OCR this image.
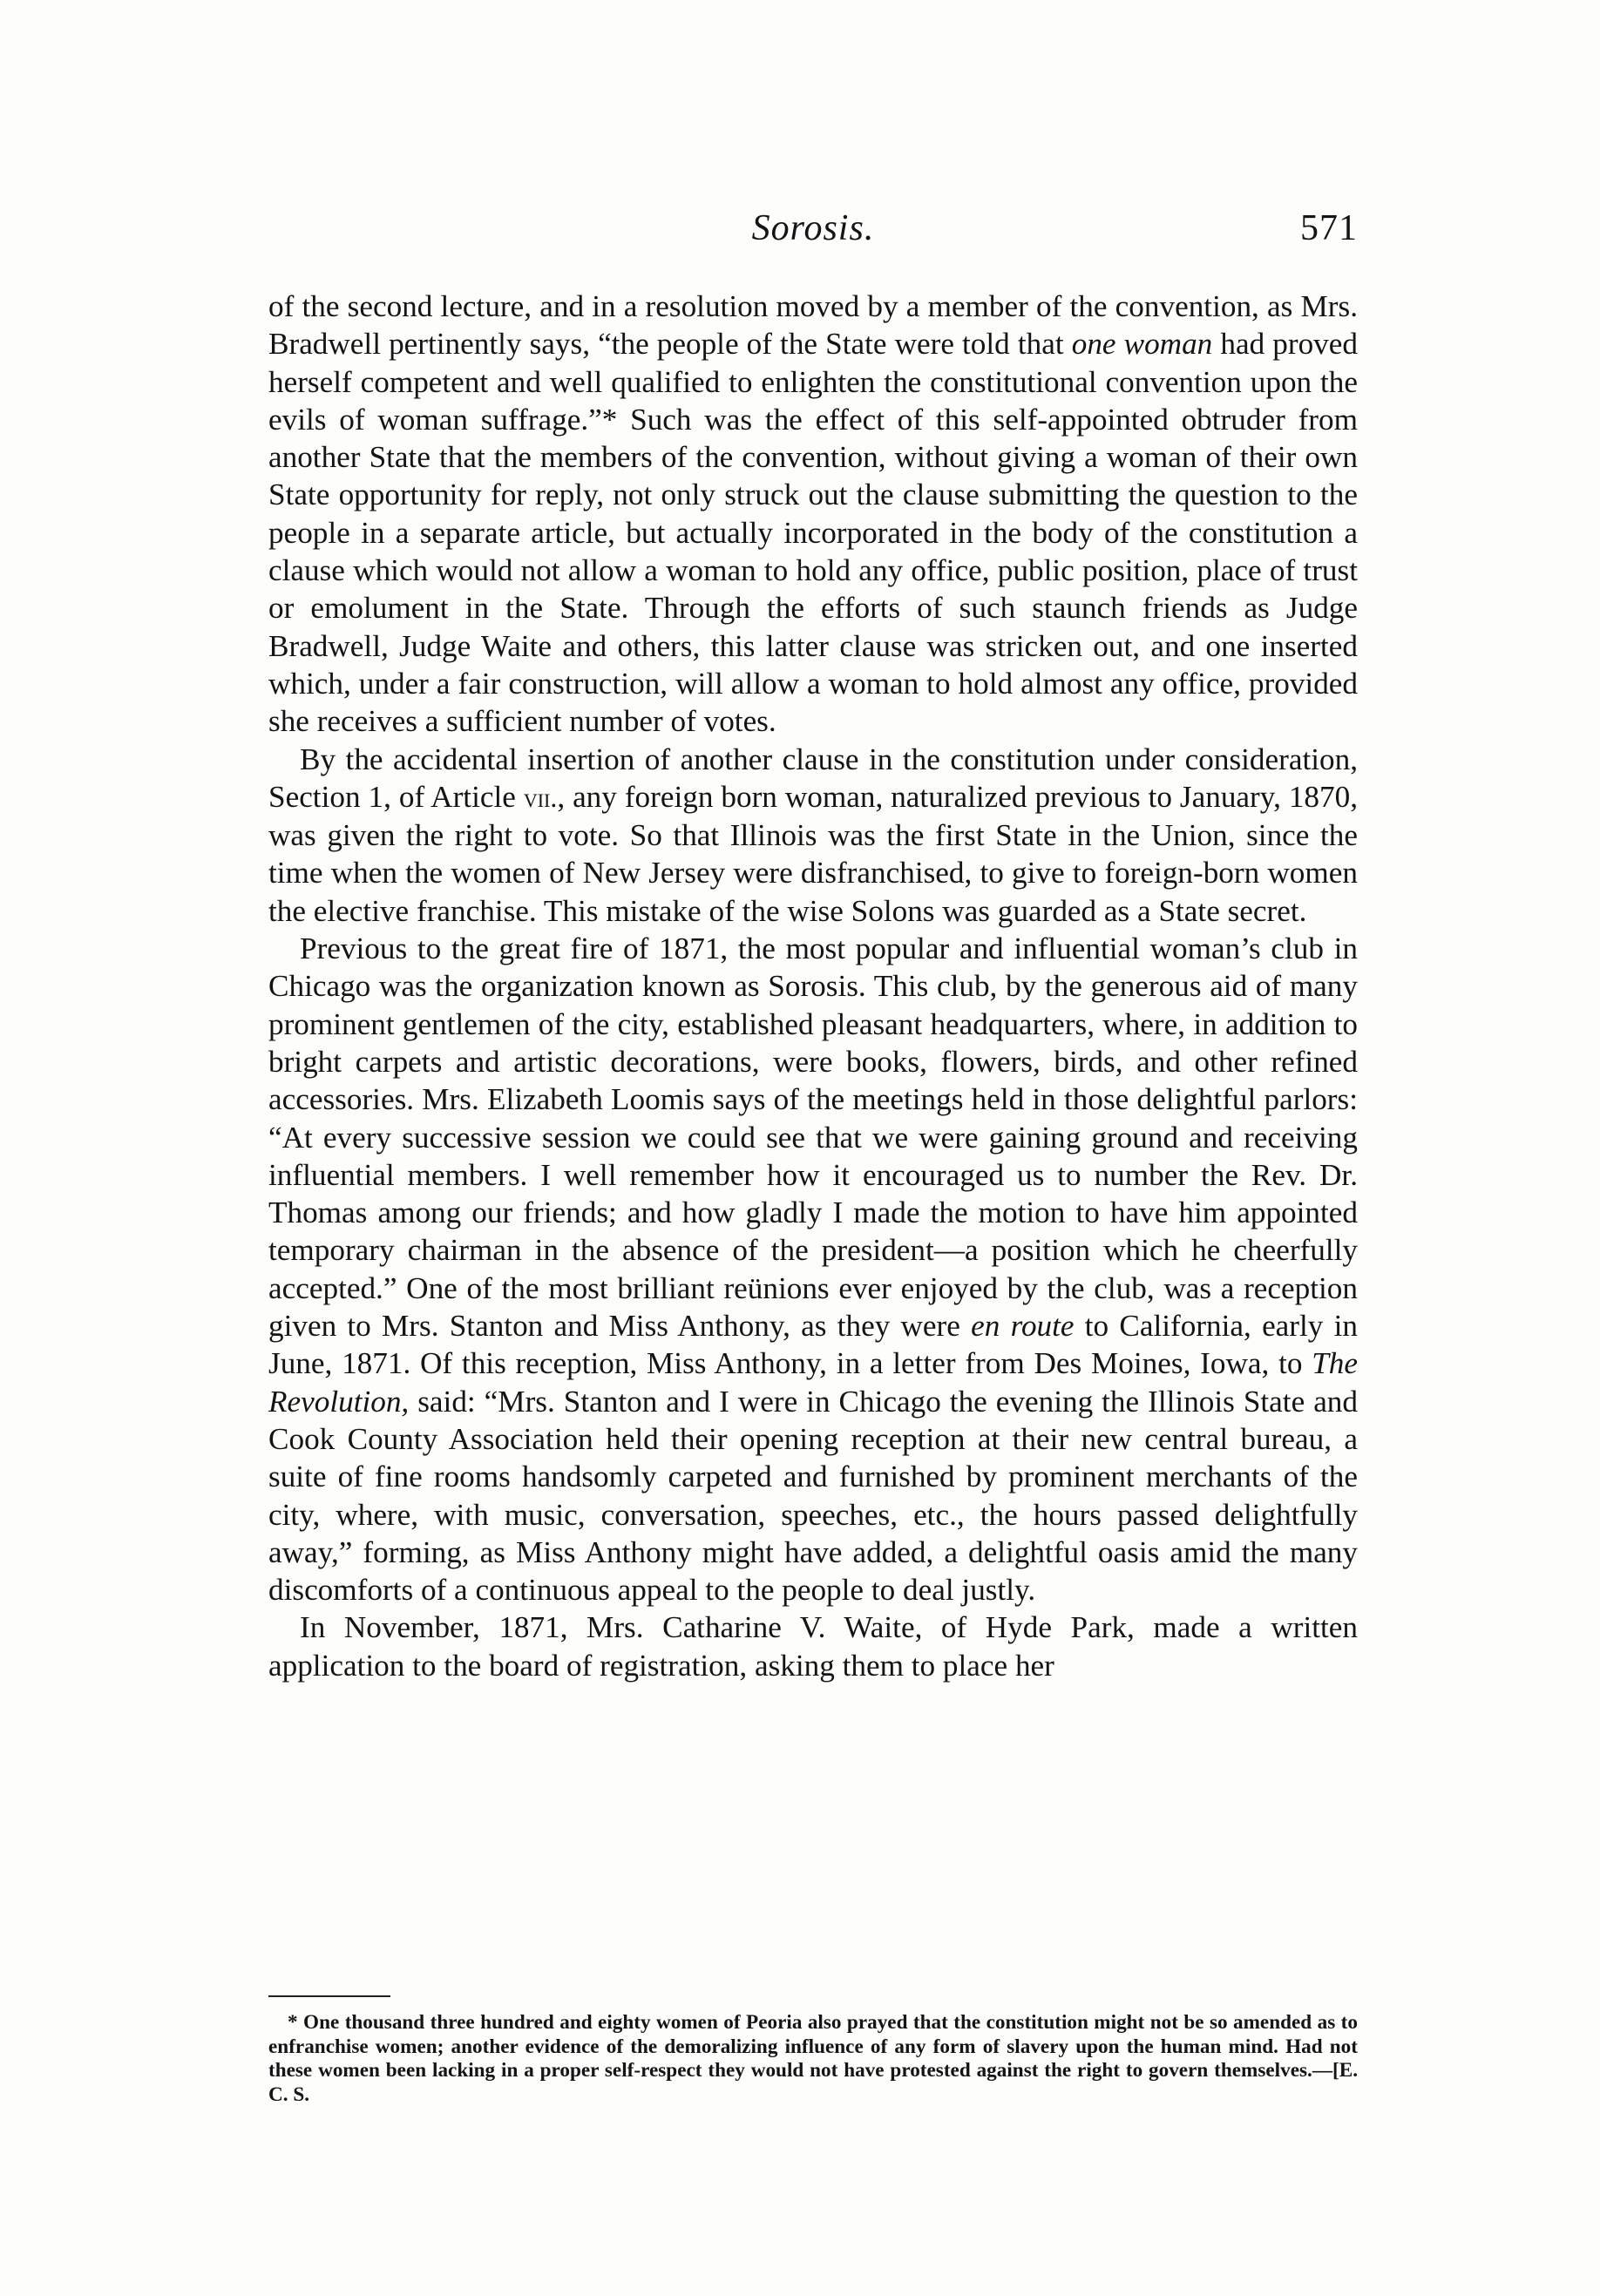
Sorosis.	571

of the second lecture, and in a resolution moved by a member of the convention, as Mrs. Bradwell pertinently says, “the people of the State were told that one woman had proved herself competent and well qualified to enlighten the constitutional convention upon the evils of woman suffrage.”* Such was the effect of this self-appointed obtruder from another State that the members of the convention, without giving a woman of their own State opportunity for reply, not only struck out the clause submitting the question to the people in a separate article, but actually incorporated in the body of the constitution a clause which would not allow a woman to hold any office, public position, place of trust or emolument in the State. Through the efforts of such staunch friends as Judge Bradwell, Judge Waite and others, this latter clause was stricken out, and one inserted which, under a fair construction, will allow a woman to hold almost any office, provided she receives a sufficient number of votes.

By the accidental insertion of another clause in the constitution under consideration, Section 1, of Article vii., any foreign born woman, naturalized previous to January, 1870, was given the right to vote. So that Illinois was the first State in the Union, since the time when the women of New Jersey were disfranchised, to give to foreign-born women the elective franchise. This mistake of the wise Solons was guarded as a State secret.

Previous to the great fire of 1871, the most popular and influential woman’s club in Chicago was the organization known as Sorosis. This club, by the generous aid of many prominent gentlemen of the city, established pleasant headquarters, where, in addition to bright carpets and artistic decorations, were books, flowers, birds, and other refined accessories. Mrs. Elizabeth Loomis says of the meetings held in those delightful parlors: “At every successive session we could see that we were gaining ground and receiving influential members. I well remember how it encouraged us to number the Rev. Dr. Thomas among our friends; and how gladly I made the motion to have him appointed temporary chairman in the absence of the president—a position which he cheerfully accepted.” One of the most brilliant reünions ever enjoyed by the club, was a reception given to Mrs. Stanton and Miss Anthony, as they were en route to California, early in June, 1871. Of this reception, Miss Anthony, in a letter from Des Moines, Iowa, to The Revolution, said: “Mrs. Stanton and I were in Chicago the evening the Illinois State and Cook County Association held their opening reception at their new central bureau, a suite of fine rooms handsomly carpeted and furnished by prominent merchants of the city, where, with music, conversation, speeches, etc., the hours passed delightfully away,” forming, as Miss Anthony might have added, a delightful oasis amid the many discomforts of a continuous appeal to the people to deal justly.

In November, 1871, Mrs. Catharine V. Waite, of Hyde Park, made a written application to the board of registration, asking them to place her

* One thousand three hundred and eighty women of Peoria also prayed that the constitution might not be so amended as to enfranchise women; another evidence of the demoralizing influence of any form of slavery upon the human mind. Had not these women been lacking in a proper self-respect they would not have protested against the right to govern themselves.—[E. C. S.
